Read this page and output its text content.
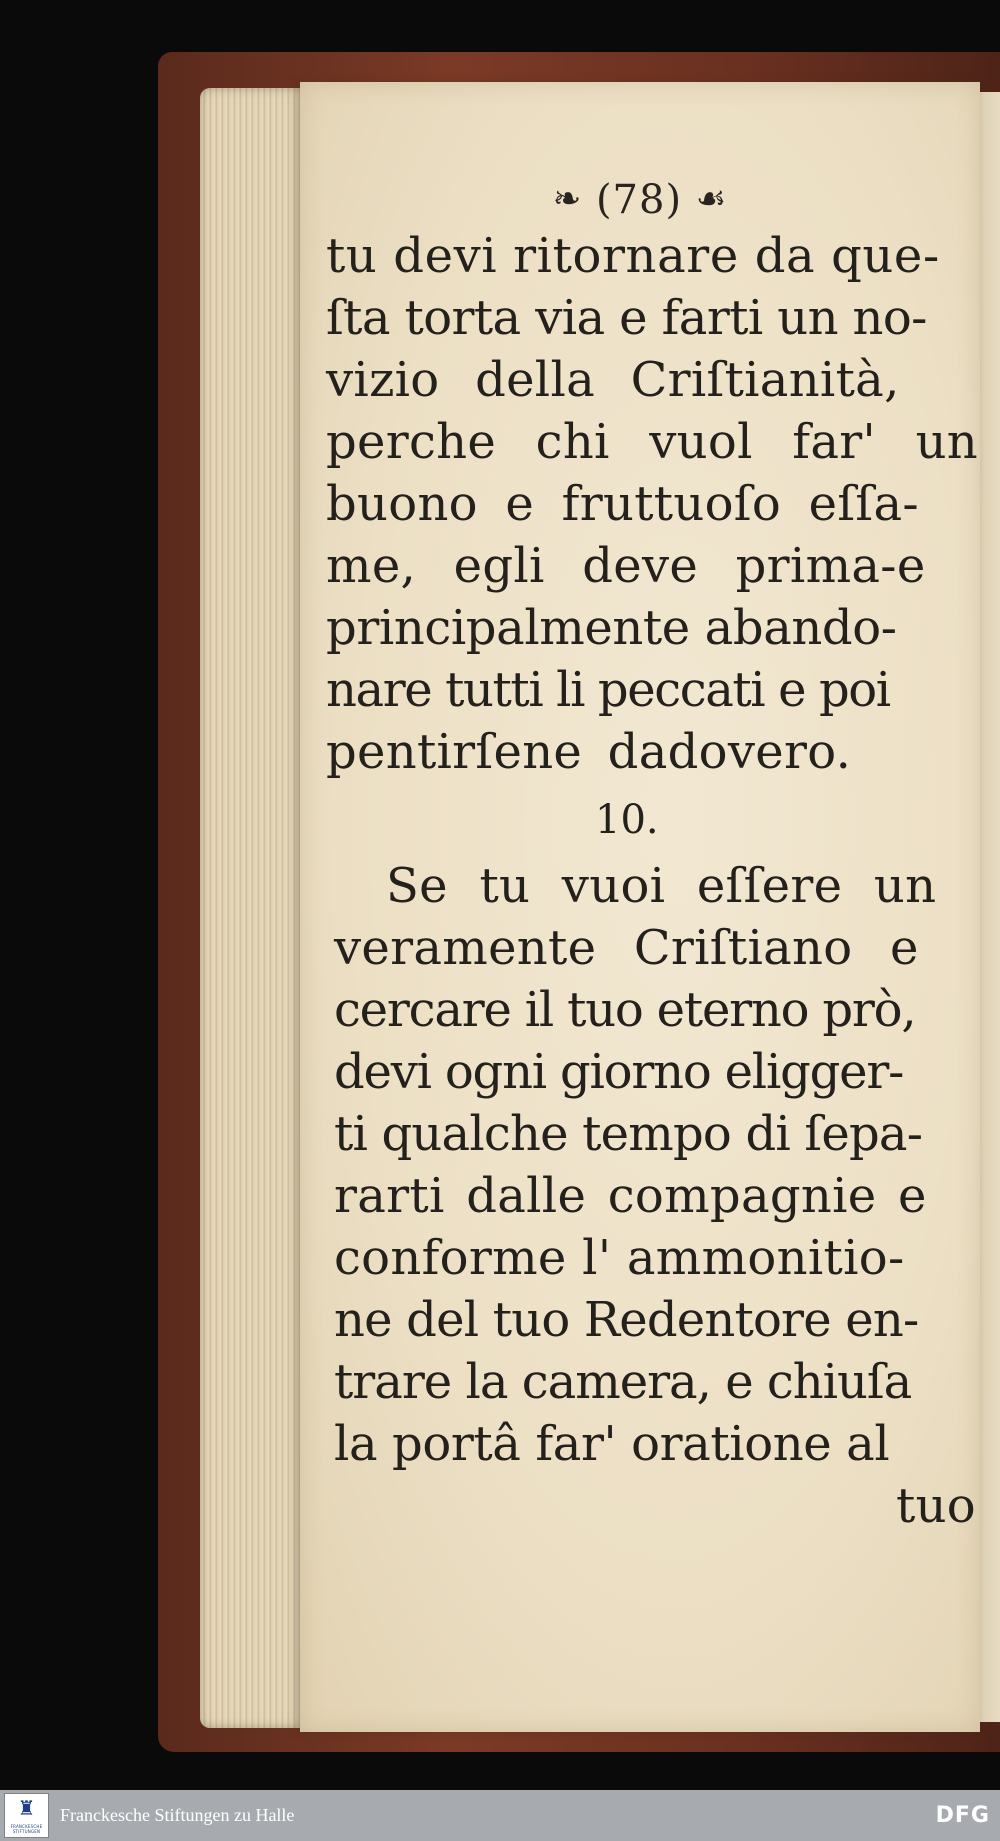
❧ (78) ☙

tu devi ritornare da que-

ſta torta via e farti un no-

vizio della Criſtianità,

perche chi vuol far' un

buono e fruttuoſo eſſa-

me, egli deve prima-e

principalmente abando-

nare tutti li peccati e poi

pentirſene dadovero.

10.

Se tu vuoi eſſere un

veramente Criſtiano e

cercare il tuo eterno prò,

devi ogni giorno eligger-

ti qualche tempo di ſepa-

rarti dalle compagnie e

conforme l' ammonitio-

ne del tuo Redentore en-

trare la camera, e chiuſa

la portâ far' oratione al

tuo

♜
FRANCKESCHE STIFTUNGEN
Franckesche Stiftungen zu Halle	DFG
